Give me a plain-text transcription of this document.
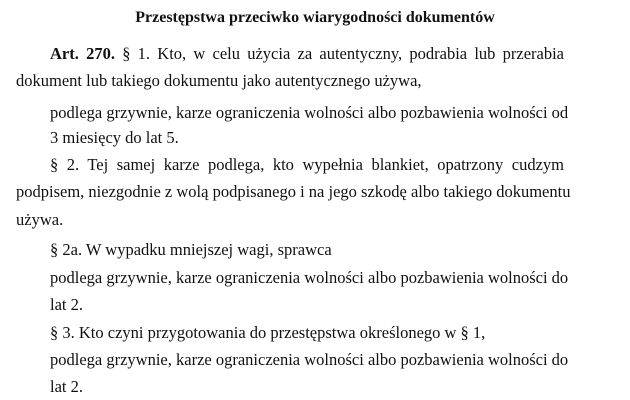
Przestępstwa przeciwko wiarygodności dokumentów
Art. 270. § 1. Kto, w celu użycia za autentyczny, podrabia lub przerabia
dokument lub takiego dokumentu jako autentycznego używa,
podlega grzywnie, karze ograniczenia wolności albo pozbawienia wolności od
3 miesięcy do lat 5.
§ 2. Tej samej karze podlega, kto wypełnia blankiet, opatrzony cudzym
podpisem, niezgodnie z wolą podpisanego i na jego szkodę albo takiego dokumentu
używa.
§ 2a. W wypadku mniejszej wagi, sprawca
podlega grzywnie, karze ograniczenia wolności albo pozbawienia wolności do
lat 2.
§ 3. Kto czyni przygotowania do przestępstwa określonego w § 1,
podlega grzywnie, karze ograniczenia wolności albo pozbawienia wolności do
lat 2.
